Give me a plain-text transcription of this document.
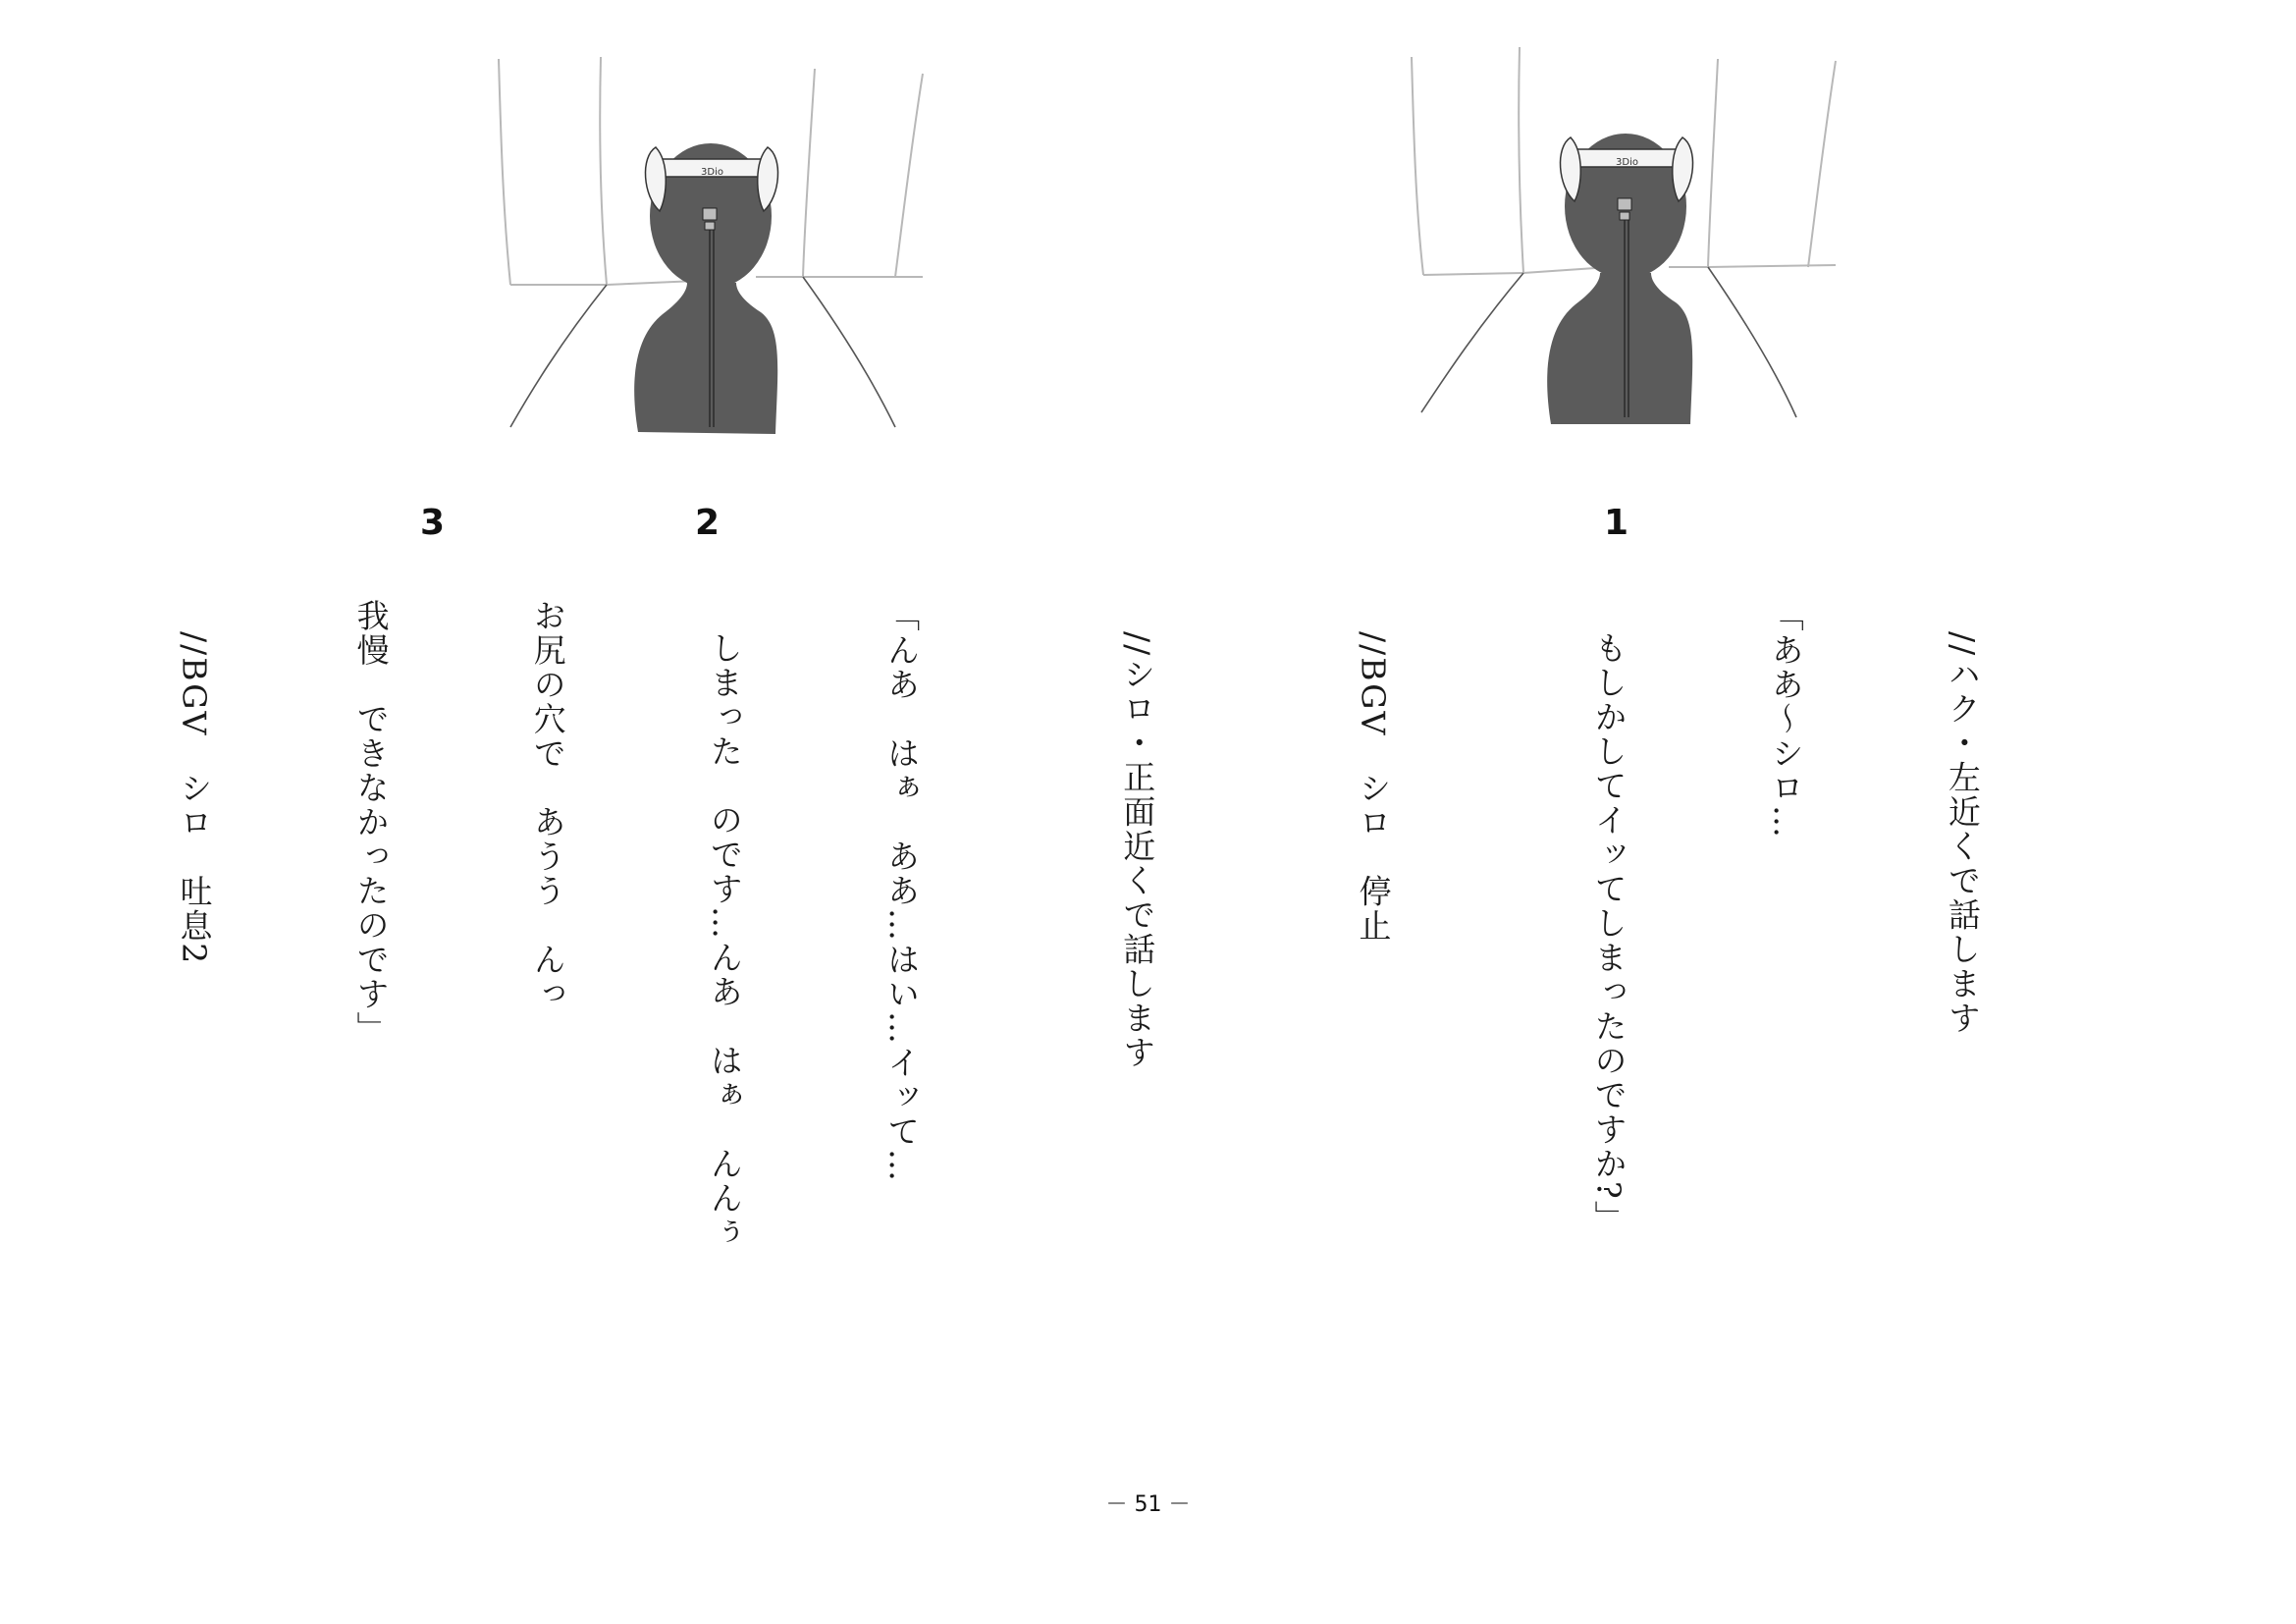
3Dio
3Dio
3	2	1

//ハク・左近くで話します

「ああ～シロ…

もしかしてイッてしまったのですか?」

//BGV　シロ　停止

//シロ・正面近くで話します

「んあ　はぁ　ああ…はい…イッて…

しまった　のです…んあ　はぁ　んんぅ

お尻の穴で　あうう　んっ

我慢　できなかったのです」

//BGV　シロ　吐息2

－ 51 －
